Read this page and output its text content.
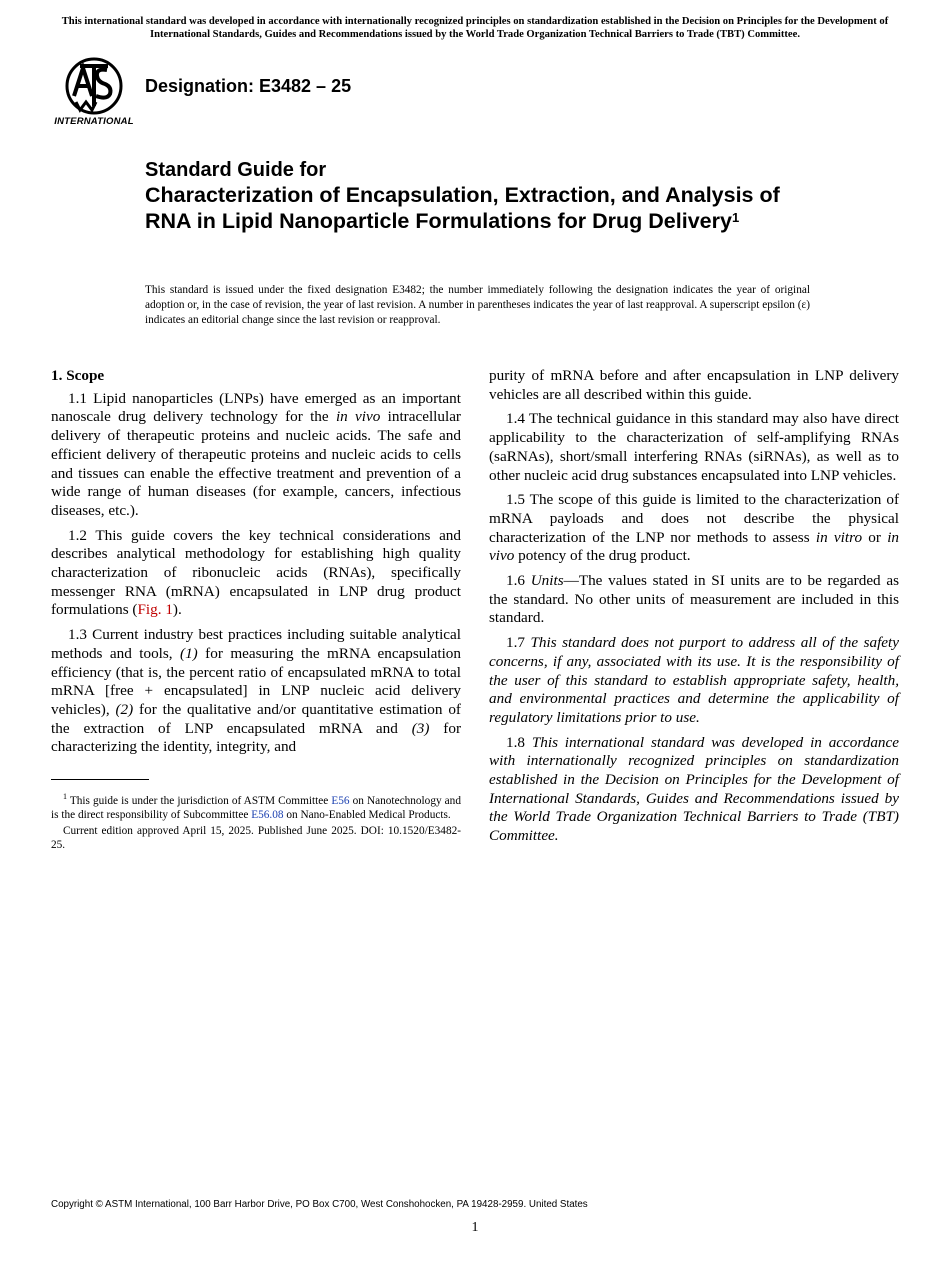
This international standard was developed in accordance with internationally recognized principles on standardization established in the Decision on Principles for the Development of International Standards, Guides and Recommendations issued by the World Trade Organization Technical Barriers to Trade (TBT) Committee.
INTERNATIONAL
Designation: E3482 – 25
Standard Guide for
Characterization of Encapsulation, Extraction, and Analysis of RNA in Lipid Nanoparticle Formulations for Drug Delivery$^1$
This standard is issued under the fixed designation E3482; the number immediately following the designation indicates the year of original adoption or, in the case of revision, the year of last revision. A number in parentheses indicates the year of last reapproval. A superscript epsilon (ε) indicates an editorial change since the last revision or reapproval.
1. Scope

1.1 Lipid nanoparticles (LNPs) have emerged as an important nanoscale drug delivery technology for the in vivo intracellular delivery of therapeutic proteins and nucleic acids. The safe and efficient delivery of therapeutic proteins and nucleic acids to cells and tissues can enable the effective treatment and prevention of a wide range of human diseases (for example, cancers, infectious diseases, etc.).

1.2 This guide covers the key technical considerations and describes analytical methodology for establishing high quality characterization of ribonucleic acids (RNAs), specifically messenger RNA (mRNA) encapsulated in LNP drug product formulations (Fig. 1).

1.3 Current industry best practices including suitable analytical methods and tools, (1) for measuring the mRNA encapsulation efficiency (that is, the percent ratio of encapsulated mRNA to total mRNA [free + encapsulated] in LNP nucleic acid delivery vehicles), (2) for the qualitative and/or quantitative estimation of the extraction of LNP encapsulated mRNA and (3) for characterizing the identity, integrity, and

$^1$ This guide is under the jurisdiction of ASTM Committee E56 on Nanotechnology and is the direct responsibility of Subcommittee E56.08 on Nano-Enabled Medical Products.

Current edition approved April 15, 2025. Published June 2025. DOI: 10.1520/E3482-25.

purity of mRNA before and after encapsulation in LNP delivery vehicles are all described within this guide.

1.4 The technical guidance in this standard may also have direct applicability to the characterization of self-amplifying RNAs (saRNAs), short/small interfering RNAs (siRNAs), as well as to other nucleic acid drug substances encapsulated into LNP vehicles.

1.5 The scope of this guide is limited to the characterization of mRNA payloads and does not describe the physical characterization of the LNP nor methods to assess in vitro or in vivo potency of the drug product.

1.6 Units—The values stated in SI units are to be regarded as the standard. No other units of measurement are included in this standard.

1.7 This standard does not purport to address all of the safety concerns, if any, associated with its use. It is the responsibility of the user of this standard to establish appropriate safety, health, and environmental practices and determine the applicability of regulatory limitations prior to use.

1.8 This international standard was developed in accordance with internationally recognized principles on standardization established in the Decision on Principles for the Development of International Standards, Guides and Recommendations issued by the World Trade Organization Technical Barriers to Trade (TBT) Committee.

Copyright © ASTM International, 100 Barr Harbor Drive, PO Box C700, West Conshohocken, PA 19428-2959. United States
1
